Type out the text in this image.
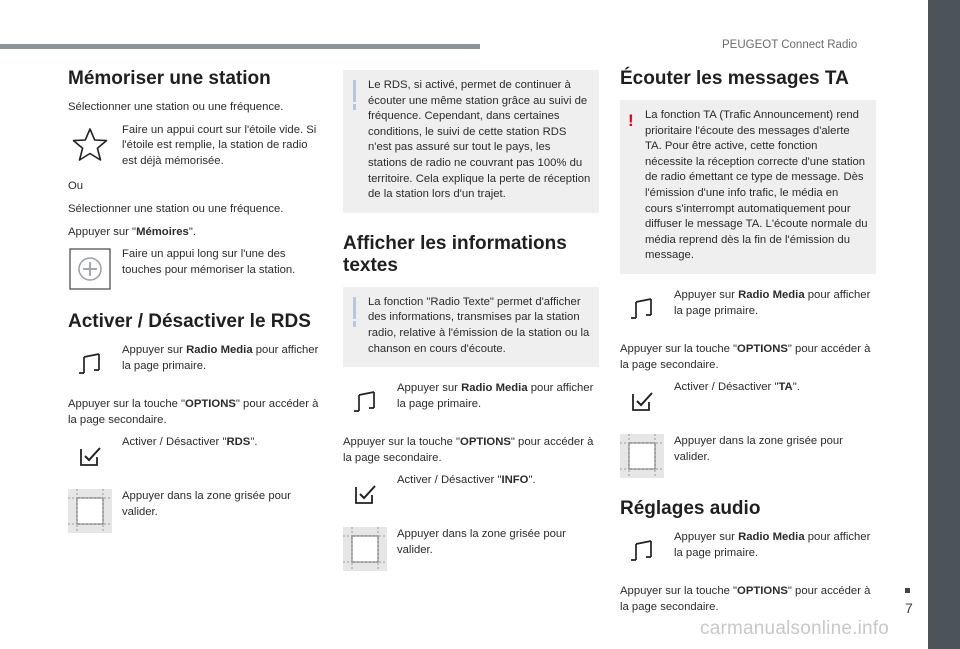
PEUGEOT Connect Radio
7
carmanualsonline.info
Mémoriser une station

Sélectionner une station ou une fréquence.

Faire un appui court sur l'étoile vide. Si l'étoile est remplie, la station de radio est déjà mémorisée.

Ou

Sélectionner une station ou une fréquence.

Appuyer sur "Mémoires".

Faire un appui long sur l'une des touches pour mémoriser la station.
Activer / Désactiver le RDS
Appuyer sur Radio Media pour afficher la page primaire.

Appuyer sur la touche "OPTIONS" pour accéder à la page secondaire.

Activer / Désactiver "RDS".
Appuyer dans la zone grisée pour valider.
Le RDS, si activé, permet de continuer à écouter une même station grâce au suivi de fréquence. Cependant, dans certaines conditions, le suivi de cette station RDS n'est pas assuré sur tout le pays, les stations de radio ne couvrant pas 100% du territoire. Cela explique la perte de réception de la station lors d'un trajet.
Afficher les informations textes
La fonction "Radio Texte" permet d'afficher des informations, transmises par la station radio, relative à l'émission de la station ou la chanson en cours d'écoute.
Appuyer sur Radio Media pour afficher la page primaire.

Appuyer sur la touche "OPTIONS" pour accéder à la page secondaire.

Activer / Désactiver "INFO".
Appuyer dans la zone grisée pour valider.
Écouter les messages TA
! La fonction TA (Trafic Announcement) rend prioritaire l'écoute des messages d'alerte TA. Pour être active, cette fonction nécessite la réception correcte d'une station de radio émettant ce type de message. Dès l'émission d'une info trafic, le média en cours s'interrompt automatiquement pour diffuser le message TA. L'écoute normale du média reprend dès la fin de l'émission du message.
Appuyer sur Radio Media pour afficher la page primaire.

Appuyer sur la touche "OPTIONS" pour accéder à la page secondaire.

Activer / Désactiver "TA".
Appuyer dans la zone grisée pour valider.
Réglages audio
Appuyer sur Radio Media pour afficher la page primaire.

Appuyer sur la touche "OPTIONS" pour accéder à la page secondaire.
